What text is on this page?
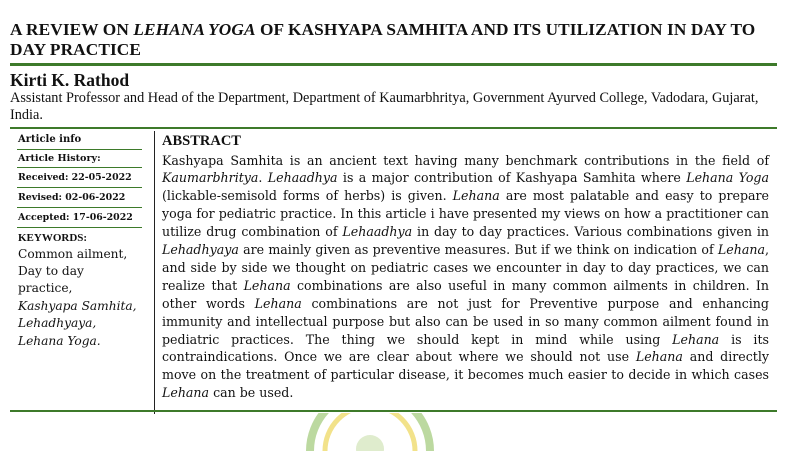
A REVIEW ON LEHANA YOGA OF KASHYAPA SAMHITA AND ITS UTILIZATION IN DAY TO DAY PRACTICE
Kirti K. Rathod
Assistant Professor and Head of the Department, Department of Kaumarbhritya, Government Ayurved College, Vadodara, Gujarat, India.
Article info
Article History:
Received: 22-05-2022
Revised: 02-06-2022
Accepted: 17-06-2022
KEYWORDS:
Common ailment,
Day to day practice,
Kashyapa Samhita,
Lehadhyaya,
Lehana Yoga.
ABSTRACT
Kashyapa Samhita is an ancient text having many benchmark contributions in the field of Kaumarbhritya. Lehaadhya is a major contribution of Kashyapa Samhita where Lehana Yoga (lickable-semisold forms of herbs) is given. Lehana are most palatable and easy to prepare yoga for pediatric practice. In this article i have presented my views on how a practitioner can utilize drug combination of Lehaadhya in day to day practices. Various combinations given in Lehadhyaya are mainly given as preventive measures. But if we think on indication of Lehana, and side by side we thought on pediatric cases we encounter in day to day practices, we can realize that Lehana combinations are also useful in many common ailments in children. In other words Lehana combinations are not just for Preventive purpose and enhancing immunity and intellectual purpose but also can be used in so many common ailment found in pediatric practices. The thing we should kept in mind while using Lehana is its contraindications. Once we are clear about where we should not use Lehana and directly move on the treatment of particular disease, it becomes much easier to decide in which cases Lehana can be used.
